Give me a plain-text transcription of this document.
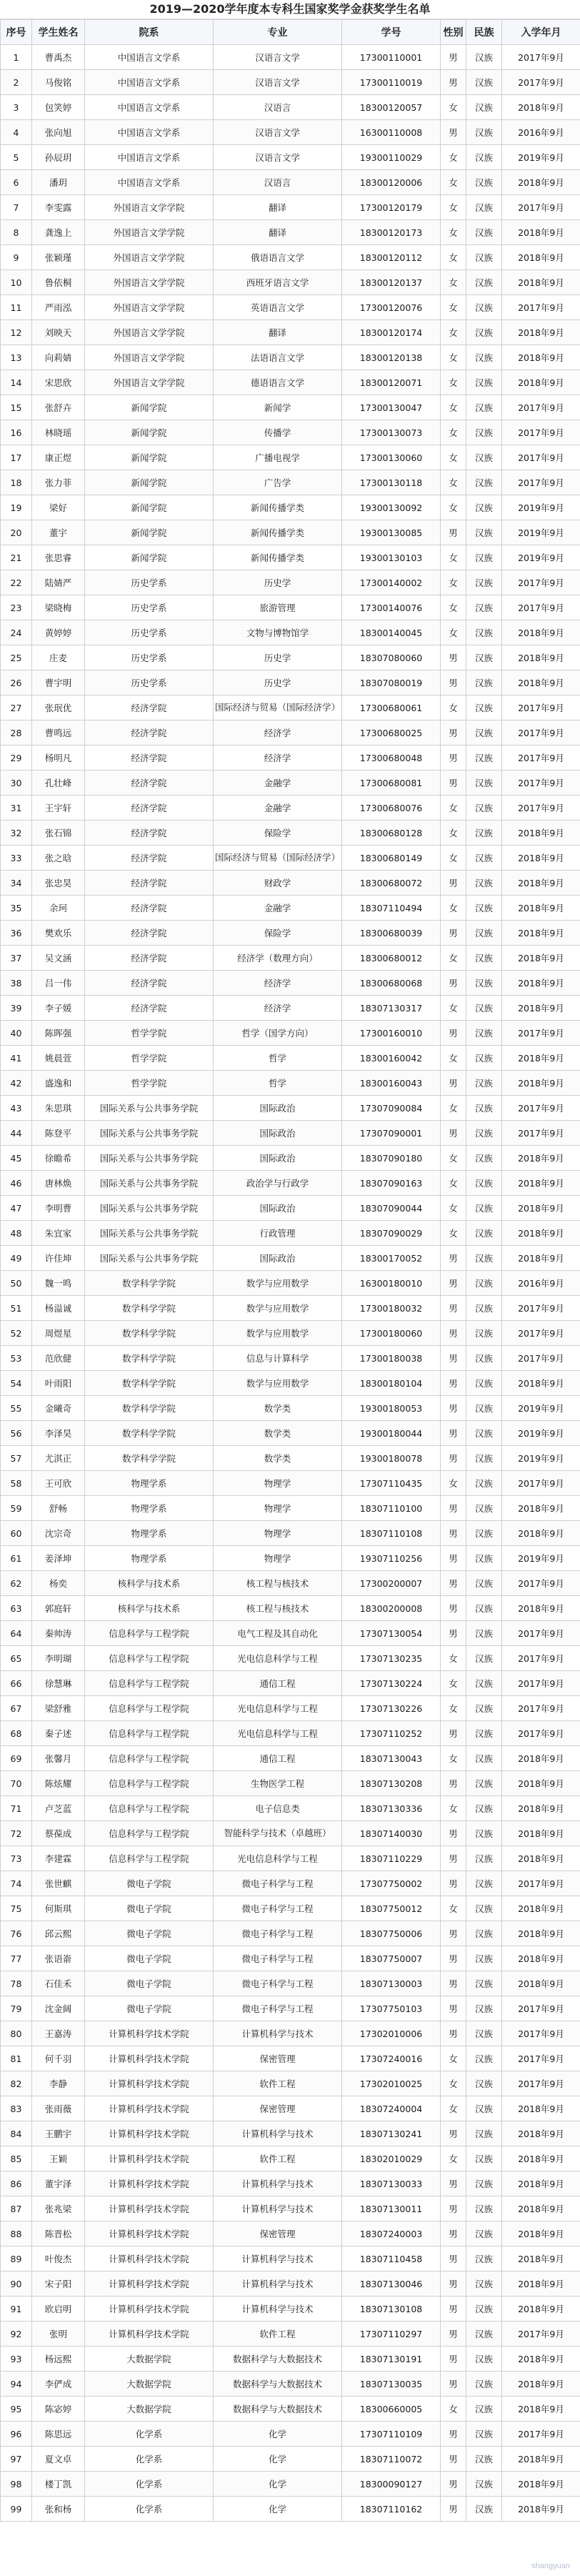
2019—2020学年度本专科生国家奖学金获奖学生名单
序号	学生姓名	院系	专业	学号	性别	民族	入学年月
1	曹禹杰	中国语言文学系	汉语言文学	17300110001	男	汉族	2017年9月
2	马俊铭	中国语言文学系	汉语言文学	17300110019	男	汉族	2017年9月
3	包笑婷	中国语言文学系	汉语言	18300120057	女	汉族	2018年9月
4	张向旭	中国语言文学系	汉语言文学	16300110008	男	汉族	2016年9月
5	孙辰玥	中国语言文学系	汉语言文学	19300110029	女	汉族	2019年9月
6	潘玥	中国语言文学系	汉语言	18300120006	女	汉族	2018年9月
7	李雯露	外国语言文学学院	翻译	17300120179	女	汉族	2017年9月
8	龚逸上	外国语言文学学院	翻译	18300120173	女	汉族	2018年9月
9	张颖瑾	外国语言文学学院	俄语语言文学	18300120112	女	汉族	2018年9月
10	鲁依桐	外国语言文学学院	西班牙语言文学	18300120137	女	汉族	2018年9月
11	严雨泓	外国语言文学学院	英语语言文学	17300120076	女	汉族	2017年9月
12	刘映天	外国语言文学学院	翻译	18300120174	女	汉族	2018年9月
13	向莉婧	外国语言文学学院	法语语言文学	18300120138	女	汉族	2018年9月
14	宋思欣	外国语言文学学院	德语语言文学	18300120071	女	汉族	2018年9月
15	张舒卉	新闻学院	新闻学	17300130047	女	汉族	2017年9月
16	林晓瑶	新闻学院	传播学	17300130073	女	汉族	2017年9月
17	康正煜	新闻学院	广播电视学	17300130060	女	汉族	2017年9月
18	张力菲	新闻学院	广告学	17300130118	女	汉族	2017年9月
19	梁好	新闻学院	新闻传播学类	19300130092	女	汉族	2019年9月
20	董宇	新闻学院	新闻传播学类	19300130085	男	汉族	2019年9月
21	张思睿	新闻学院	新闻传播学类	19300130103	女	汉族	2019年9月
22	陆婧严	历史学系	历史学	17300140002	女	汉族	2017年9月
23	梁晓梅	历史学系	旅游管理	17300140076	女	汉族	2017年9月
24	黄婷婷	历史学系	文物与博物馆学	18300140045	女	汉族	2018年9月
25	庄麦	历史学系	历史学	18307080060	男	汉族	2018年9月
26	曹宇明	历史学系	历史学	18307080019	男	汉族	2018年9月
27	张珉优	经济学院	国际经济与贸易（国际经济学）	17300680061	女	汉族	2017年9月
28	曹鸣远	经济学院	经济学	17300680025	男	汉族	2017年9月
29	杨明凡	经济学院	经济学	17300680048	男	汉族	2017年9月
30	孔壮峰	经济学院	金融学	17300680081	男	汉族	2017年9月
31	王宇轩	经济学院	金融学	17300680076	女	汉族	2017年9月
32	张石锦	经济学院	保险学	18300680128	女	汉族	2018年9月
33	张之晗	经济学院	国际经济与贸易（国际经济学）	18300680149	女	汉族	2018年9月
34	张忠昊	经济学院	财政学	18300680072	男	汉族	2018年9月
35	余珂	经济学院	金融学	18307110494	女	汉族	2018年9月
36	樊欢乐	经济学院	保险学	18300680039	男	汉族	2018年9月
37	吴文涵	经济学院	经济学（数理方向）	18300680012	女	汉族	2018年9月
38	吕一伟	经济学院	经济学	18300680068	男	汉族	2018年9月
39	李子媛	经济学院	经济学	18307130317	女	汉族	2018年9月
40	陈晖强	哲学学院	哲学（国学方向）	17300160010	男	汉族	2017年9月
41	姚晨萱	哲学学院	哲学	18300160042	女	汉族	2018年9月
42	盛逸和	哲学学院	哲学	18300160043	男	汉族	2018年9月
43	朱思琪	国际关系与公共事务学院	国际政治	17307090084	女	汉族	2017年9月
44	陈登平	国际关系与公共事务学院	国际政治	17307090001	男	汉族	2017年9月
45	徐瞻希	国际关系与公共事务学院	国际政治	18307090180	女	汉族	2018年9月
46	唐林焕	国际关系与公共事务学院	政治学与行政学	18307090163	女	汉族	2018年9月
47	李明曹	国际关系与公共事务学院	国际政治	18307090044	女	汉族	2018年9月
48	朱宜家	国际关系与公共事务学院	行政管理	18307090029	女	汉族	2018年9月
49	许佳坤	国际关系与公共事务学院	国际政治	18300170052	男	汉族	2018年9月
50	魏一鸣	数学科学学院	数学与应用数学	16300180010	男	汉族	2016年9月
51	杨溢诚	数学科学学院	数学与应用数学	17300180032	男	汉族	2017年9月
52	周煜星	数学科学学院	数学与应用数学	17300180060	男	汉族	2017年9月
53	范欣健	数学科学学院	信息与计算科学	17300180038	男	汉族	2017年9月
54	叶雨阳	数学科学学院	数学与应用数学	18300180104	男	汉族	2018年9月
55	金曦奇	数学科学学院	数学类	19300180053	男	汉族	2019年9月
56	李泽昊	数学科学学院	数学类	19300180044	男	汉族	2019年9月
57	尤淇正	数学科学学院	数学类	19300180078	男	汉族	2019年9月
58	王可欣	物理学系	物理学	17307110435	女	汉族	2017年9月
59	舒畅	物理学系	物理学	18307110100	男	汉族	2018年9月
60	沈宗奇	物理学系	物理学	18307110108	男	汉族	2018年9月
61	姜泽坤	物理学系	物理学	19307110256	男	汉族	2019年9月
62	杨奕	核科学与技术系	核工程与核技术	17300200007	男	汉族	2017年9月
63	郭庭轩	核科学与技术系	核工程与核技术	18300200008	男	汉族	2018年9月
64	秦帅涛	信息科学与工程学院	电气工程及其自动化	17307130054	男	汉族	2017年9月
65	李明瑚	信息科学与工程学院	光电信息科学与工程	17307130235	女	汉族	2017年9月
66	徐慧琳	信息科学与工程学院	通信工程	17307130224	女	汉族	2017年9月
67	梁舒雅	信息科学与工程学院	光电信息科学与工程	17307130226	女	汉族	2017年9月
68	秦子述	信息科学与工程学院	光电信息科学与工程	17307110252	男	汉族	2017年9月
69	张馨月	信息科学与工程学院	通信工程	18307130043	女	汉族	2018年9月
70	陈炫耀	信息科学与工程学院	生物医学工程	18307130208	男	汉族	2018年9月
71	卢芝蓝	信息科学与工程学院	电子信息类	18307130336	女	汉族	2018年9月
72	蔡葆成	信息科学与工程学院	智能科学与技术（卓越班）	18307140030	男	汉族	2018年9月
73	李建霖	信息科学与工程学院	光电信息科学与工程	18307110229	男	汉族	2018年9月
74	张世麒	微电子学院	微电子科学与工程	17307750002	男	汉族	2017年9月
75	何斯琪	微电子学院	微电子科学与工程	18307750012	女	汉族	2018年9月
76	邱云熙	微电子学院	微电子科学与工程	18307750006	男	汉族	2018年9月
77	张语嵛	微电子学院	微电子科学与工程	18307750007	男	汉族	2018年9月
78	石佳禾	微电子学院	微电子科学与工程	18307130003	男	汉族	2018年9月
79	沈金阔	微电子学院	微电子科学与工程	17307750103	男	汉族	2017年9月
80	王嘉涛	计算机科学技术学院	计算机科学与技术	17302010006	男	汉族	2017年9月
81	何千羽	计算机科学技术学院	保密管理	17307240016	女	汉族	2017年9月
82	李静	计算机科学技术学院	软件工程	17302010025	女	汉族	2017年9月
83	张雨薇	计算机科学技术学院	保密管理	18307240004	女	汉族	2018年9月
84	王鹏宇	计算机科学技术学院	计算机科学与技术	18307130241	男	汉族	2018年9月
85	王颖	计算机科学技术学院	软件工程	18302010029	女	汉族	2018年9月
86	董宇泽	计算机科学技术学院	计算机科学与技术	18307130033	男	汉族	2018年9月
87	张兆梁	计算机科学技术学院	计算机科学与技术	18307130011	男	汉族	2018年9月
88	陈晋松	计算机科学技术学院	保密管理	18307240003	男	汉族	2018年9月
89	叶俊杰	计算机科学技术学院	计算机科学与技术	18307110458	男	汉族	2018年9月
90	宋子阳	计算机科学技术学院	计算机科学与技术	18307130046	男	汉族	2018年9月
91	欧启明	计算机科学技术学院	计算机科学与技术	18307130108	男	汉族	2018年9月
92	张明	计算机科学技术学院	软件工程	17307110297	男	汉族	2017年9月
93	杨远熙	大数据学院	数据科学与大数据技术	18307130191	男	汉族	2018年9月
94	李俨成	大数据学院	数据科学与大数据技术	18307130035	男	汉族	2018年9月
95	陈宓婷	大数据学院	数据科学与大数据技术	18300660005	女	汉族	2018年9月
96	陈思远	化学系	化学	17307110109	男	汉族	2017年9月
97	夏文卓	化学系	化学	18307110072	男	汉族	2018年9月
98	楼丁凯	化学系	化学	18300090127	男	汉族	2018年9月
99	张和杨	化学系	化学	18307110162	男	汉族	2018年9月
shangyuan
